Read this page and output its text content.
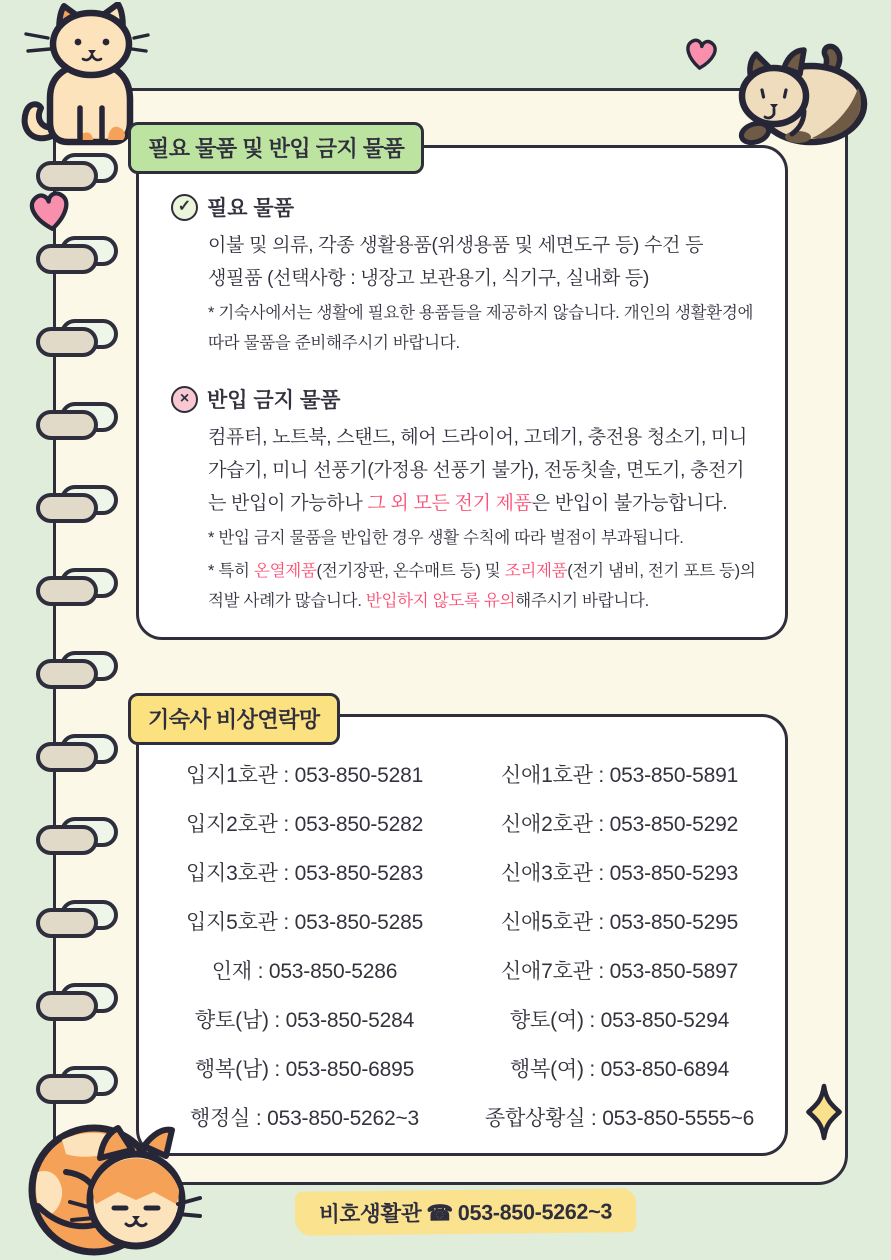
필요 물품 및 반입 금지 물품
✓ 필요 물품

이불 및 의류, 각종 생활용품(위생용품 및 세면도구 등) 수건 등

생필품 (선택사항 : 냉장고 보관용기, 식기구, 실내화 등)

* 기숙사에서는 생활에 필요한 용품들을 제공하지 않습니다. 개인의 생활환경에 따라 물품을 준비해주시기 바랍니다.

× 반입 금지 물품

컴퓨터, 노트북, 스탠드, 헤어 드라이어, 고데기, 충전용 청소기, 미니 가습기, 미니 선풍기(가정용 선풍기 불가), 전동칫솔, 면도기, 충전기는 반입이 가능하나 그 외 모든 전기 제품은 반입이 불가능합니다.

* 반입 금지 물품을 반입한 경우 생활 수칙에 따라 벌점이 부과됩니다.

* 특히 온열제품(전기장판, 온수매트 등) 및 조리제품(전기 냄비, 전기 포트 등)의 적발 사례가 많습니다. 반입하지 않도록 유의해주시기 바랍니다.

기숙사 비상연락망
입지1호관 : 053-850-5281	신애1호관 : 053-850-5891
입지2호관 : 053-850-5282	신애2호관 : 053-850-5292
입지3호관 : 053-850-5283	신애3호관 : 053-850-5293
입지5호관 : 053-850-5285	신애5호관 : 053-850-5295
인재 : 053-850-5286	신애7호관 : 053-850-5897
향토(남) : 053-850-5284	향토(여) : 053-850-5294
행복(남) : 053-850-6895	행복(여) : 053-850-6894
행정실 : 053-850-5262~3	종합상황실 : 053-850-5555~6
비호생활관 ☎ 053-850-5262~3
